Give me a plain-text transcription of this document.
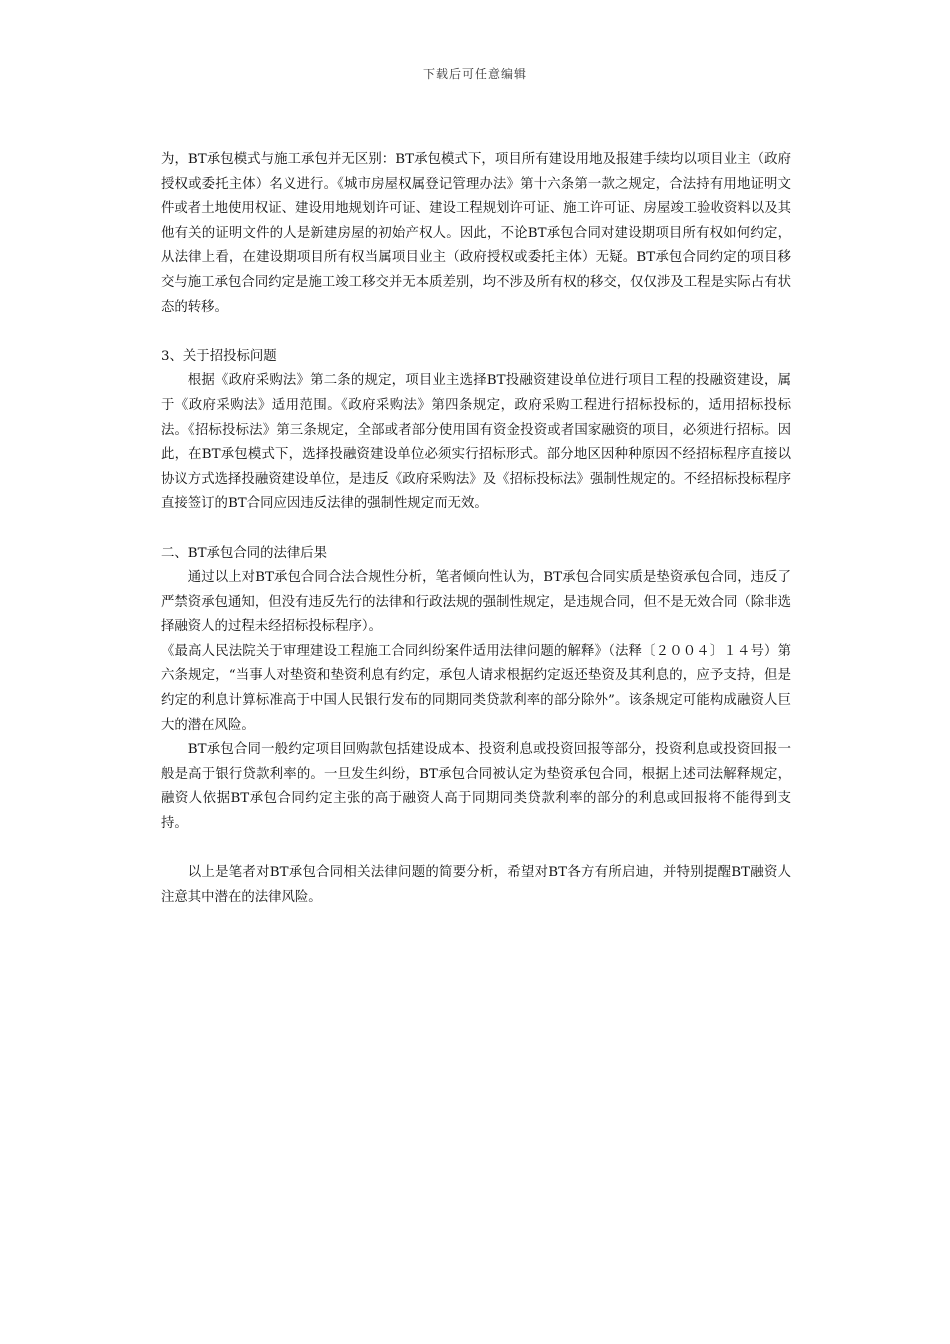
下载后可任意编辑

为，BT承包模式与施工承包并无区别：BT承包模式下，项目所有建设用地及报建手续均以项目业主（政府授权或委托主体）名义进行。《城市房屋权属登记管理办法》第十六条第一款之规定，合法持有用地证明文件或者土地使用权证、建设用地规划许可证、建设工程规划许可证、施工许可证、房屋竣工验收资料以及其他有关的证明文件的人是新建房屋的初始产权人。因此，不论BT承包合同对建设期项目所有权如何约定，从法律上看，在建设期项目所有权当属项目业主（政府授权或委托主体）无疑。BT承包合同约定的项目移交与施工承包合同约定是施工竣工移交并无本质差别，均不涉及所有权的移交，仅仅涉及工程是实际占有状态的转移。

3、关于招投标问题

根据《政府采购法》第二条的规定，项目业主选择BT投融资建设单位进行项目工程的投融资建设，属于《政府采购法》适用范围。《政府采购法》第四条规定，政府采购工程进行招标投标的，适用招标投标法。《招标投标法》第三条规定，全部或者部分使用国有资金投资或者国家融资的项目，必须进行招标。因此，在BT承包模式下，选择投融资建设单位必须实行招标形式。部分地区因种种原因不经招标程序直接以协议方式选择投融资建设单位，是违反《政府采购法》及《招标投标法》强制性规定的。不经招标投标程序直接签订的BT合同应因违反法律的强制性规定而无效。

二、BT承包合同的法律后果

通过以上对BT承包合同合法合规性分析，笔者倾向性认为，BT承包合同实质是垫资承包合同，违反了严禁资承包通知，但没有违反先行的法律和行政法规的强制性规定，是违规合同，但不是无效合同（除非选择融资人的过程未经招标投标程序）。

《最高人民法院关于审理建设工程施工合同纠纷案件适用法律问题的解释》（法释〔２００４〕１４号）第六条规定，“当事人对垫资和垫资利息有约定，承包人请求根据约定返还垫资及其利息的，应予支持，但是约定的利息计算标准高于中国人民银行发布的同期同类贷款利率的部分除外”。该条规定可能构成融资人巨大的潜在风险。

BT承包合同一般约定项目回购款包括建设成本、投资利息或投资回报等部分，投资利息或投资回报一般是高于银行贷款利率的。一旦发生纠纷，BT承包合同被认定为垫资承包合同，根据上述司法解释规定，融资人依据BT承包合同约定主张的高于融资人高于同期同类贷款利率的部分的利息或回报将不能得到支持。

以上是笔者对BT承包合同相关法律问题的简要分析，希望对BT各方有所启迪，并特别提醒BT融资人注意其中潜在的法律风险。
